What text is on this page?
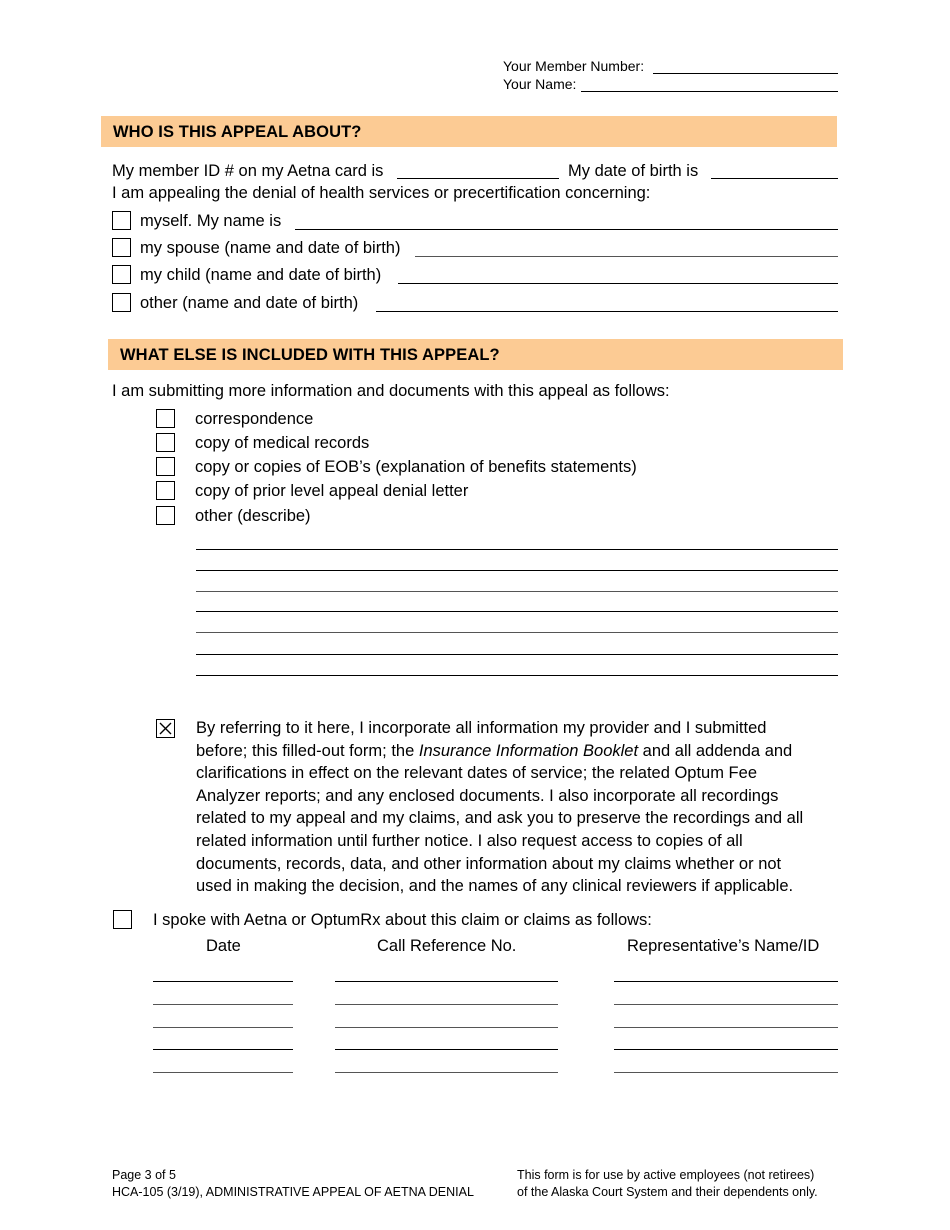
Your Member Number:
Your Name:
WHO IS THIS APPEAL ABOUT?
My member ID # on my Aetna card is	My date of birth is
I am appealing the denial of health services or precertification concerning:
myself. My name is
my spouse (name and date of birth)
my child (name and date of birth)
other (name and date of birth)
WHAT ELSE IS INCLUDED WITH THIS APPEAL?
I am submitting more information and documents with this appeal as follows:
correspondence
copy of medical records
copy or copies of EOB’s (explanation of benefits statements)
copy of prior level appeal denial letter
other (describe)
By referring to it here, I incorporate all information my provider and I submitted
before; this filled-out form; the Insurance Information Booklet and all addenda and
clarifications in effect on the relevant dates of service; the related Optum Fee
Analyzer reports; and any enclosed documents. I also incorporate all recordings
related to my appeal and my claims, and ask you to preserve the recordings and all
related information until further notice. I also request access to copies of all
documents, records, data, and other information about my claims whether or not
used in making the decision, and the names of any clinical reviewers if applicable.
I spoke with Aetna or OptumRx about this claim or claims as follows:
Date	Call Reference No.	Representative’s Name/ID
Page 3 of 5
HCA-105 (3/19), ADMINISTRATIVE APPEAL OF AETNA DENIAL
This form is for use by active employees (not retirees)
of the Alaska Court System and their dependents only.
